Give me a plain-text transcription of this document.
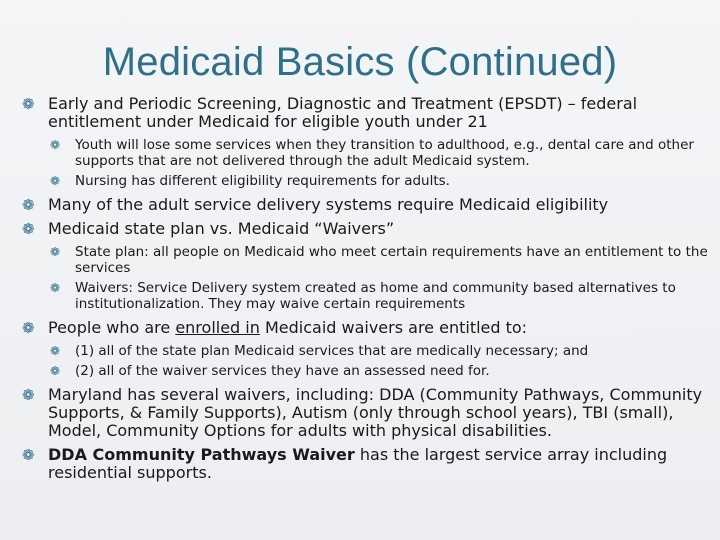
Medicaid Basics (Continued)
❁ Early and Periodic Screening, Diagnostic and Treatment (EPSDT) – federal entitlement under Medicaid for eligible youth under 21
❁ Youth will lose some services when they transition to adulthood, e.g., dental care and other supports that are not delivered through the adult Medicaid system.
❁ Nursing has different eligibility requirements for adults.
❁ Many of the adult service delivery systems require Medicaid eligibility
❁ Medicaid state plan vs. Medicaid “Waivers”
❁ State plan: all people on Medicaid who meet certain requirements have an entitlement to the services
❁ Waivers: Service Delivery system created as home and community based alternatives to institutionalization. They may waive certain requirements
❁ People who are enrolled in Medicaid waivers are entitled to:
❁ (1) all of the state plan Medicaid services that are medically necessary; and
❁ (2) all of the waiver services they have an assessed need for.
❁ Maryland has several waivers, including: DDA (Community Pathways, Community Supports, & Family Supports), Autism (only through school years), TBI (small), Model, Community Options for adults with physical disabilities.
❁ DDA Community Pathways Waiver has the largest service array including residential supports.
